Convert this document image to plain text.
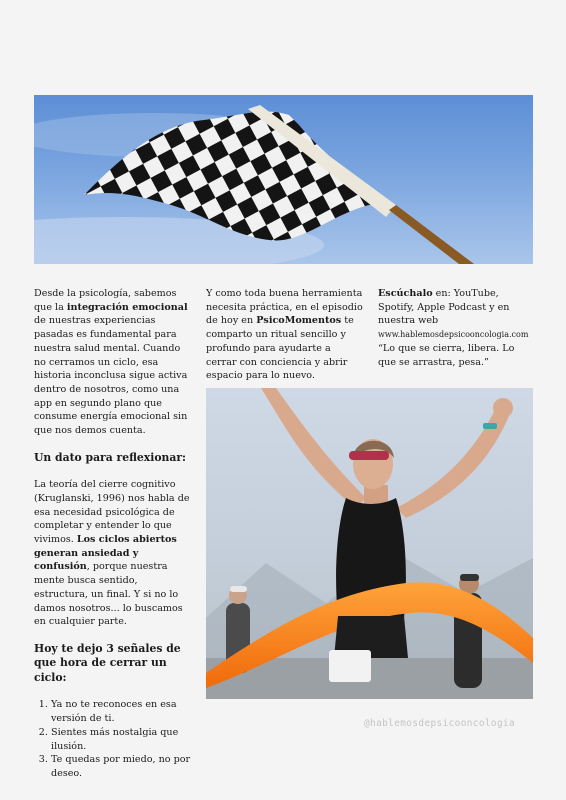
Desde la psicología, sabemos que la integración emocional de nuestras experiencias pasadas es fundamental para nuestra salud mental. Cuando no cerramos un ciclo, esa historia inconclusa sigue activa dentro de nosotros, como una app en segundo plano que consume energía emocional sin que nos demos cuenta.

Un dato para reflexionar:

La teoría del cierre cognitivo (Kruglanski, 1996) nos habla de esa necesidad psicológica de completar y entender lo que vivimos. Los ciclos abiertos generan ansiedad y confusión, porque nuestra mente busca sentido, estructura, un final. Y si no lo damos nosotros... lo buscamos en cualquier parte.

Hoy te dejo 3 señales de que hora de cerrar un ciclo:

1. Ya no te reconoces en esa versión de ti.
2. Sientes más nostalgia que ilusión.
3. Te quedas por miedo, no por deseo.

Y como toda buena herramienta necesita práctica, en el episodio de hoy en PsicoMomentos te comparto un ritual sencillo y profundo para ayudarte a cerrar con conciencia y abrir espacio para lo nuevo.

Escúchalo en: YouTube, Spotify, Apple Podcast y en nuestra web

www.hablemosdepsicooncologia.com

“Lo que se cierra, libera. Lo que se arrastra, pesa.”

@hablemosdepsicooncologia
